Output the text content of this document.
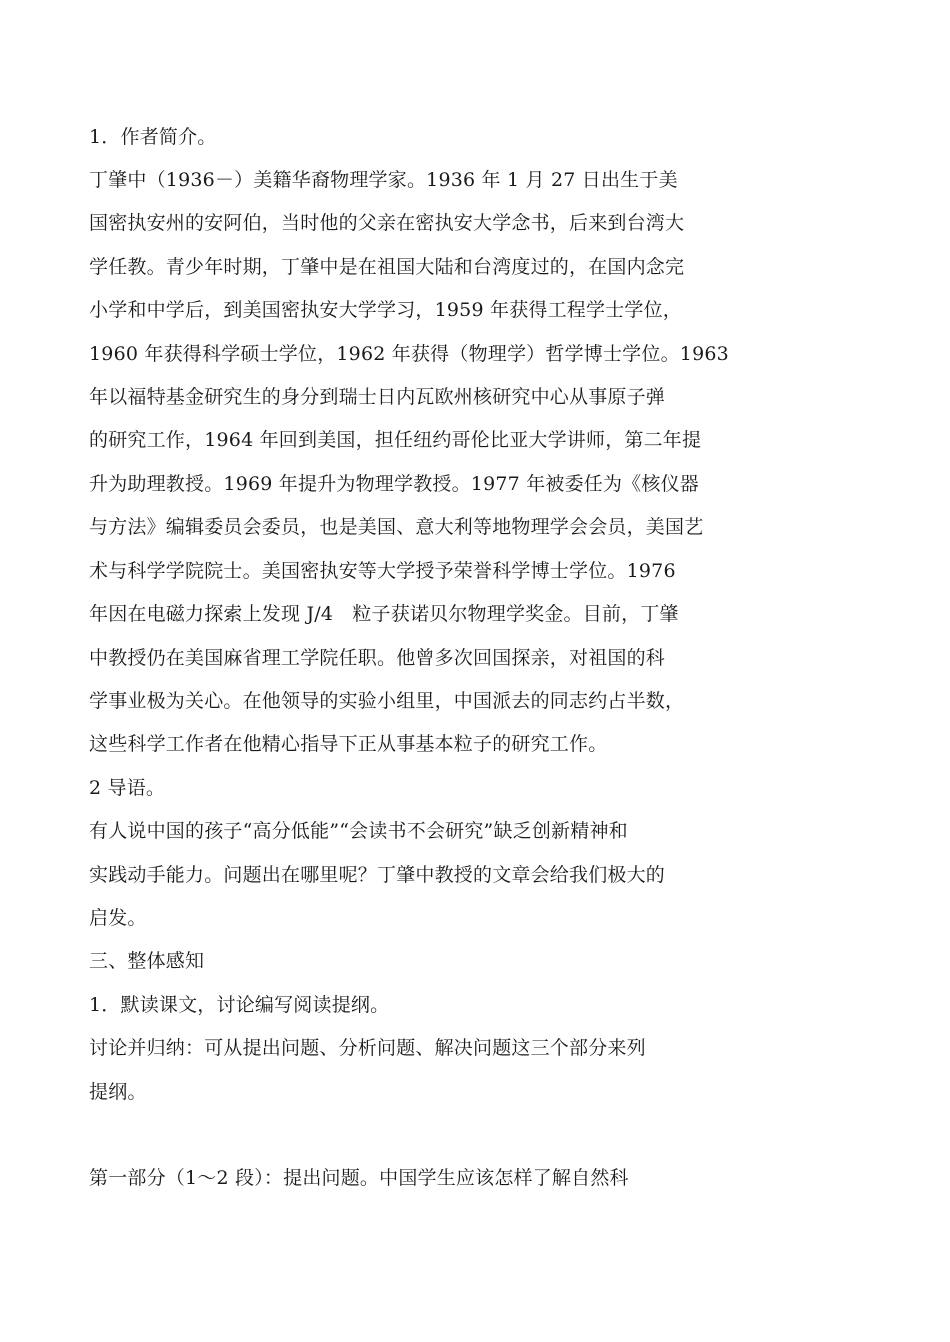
1．作者简介。
丁肇中（1936－）美籍华裔物理学家。1936 年 1 月 27 日出生于美
国密执安州的安阿伯，当时他的父亲在密执安大学念书，后来到台湾大
学任教。青少年时期，丁肇中是在祖国大陆和台湾度过的，在国内念完
小学和中学后，到美国密执安大学学习，1959 年获得工程学士学位，
1960 年获得科学硕士学位，1962 年获得（物理学）哲学博士学位。1963
年以福特基金研究生的身分到瑞士日内瓦欧州核研究中心从事原子弹
的研究工作，1964 年回到美国，担任纽约哥伦比亚大学讲师，第二年提
升为助理教授。1969 年提升为物理学教授。1977 年被委任为《核仪器
与方法》编辑委员会委员，也是美国、意大利等地物理学会会员，美国艺
术与科学学院院士。美国密执安等大学授予荣誉科学博士学位。1976
年因在电磁力探索上发现 J/4　粒子获诺贝尔物理学奖金。目前，丁肇
中教授仍在美国麻省理工学院任职。他曾多次回国探亲，对祖国的科
学事业极为关心。在他领导的实验小组里，中国派去的同志约占半数，
这些科学工作者在他精心指导下正从事基本粒子的研究工作。
2 导语。
有人说中国的孩子“高分低能”“会读书不会研究”缺乏创新精神和
实践动手能力。问题出在哪里呢？丁肇中教授的文章会给我们极大的
启发。
三、整体感知
1．默读课文，讨论编写阅读提纲。
讨论并归纳：可从提出问题、分析问题、解决问题这三个部分来列
提纲。
第一部分（1～2 段）：提出问题。中国学生应该怎样了解自然科
